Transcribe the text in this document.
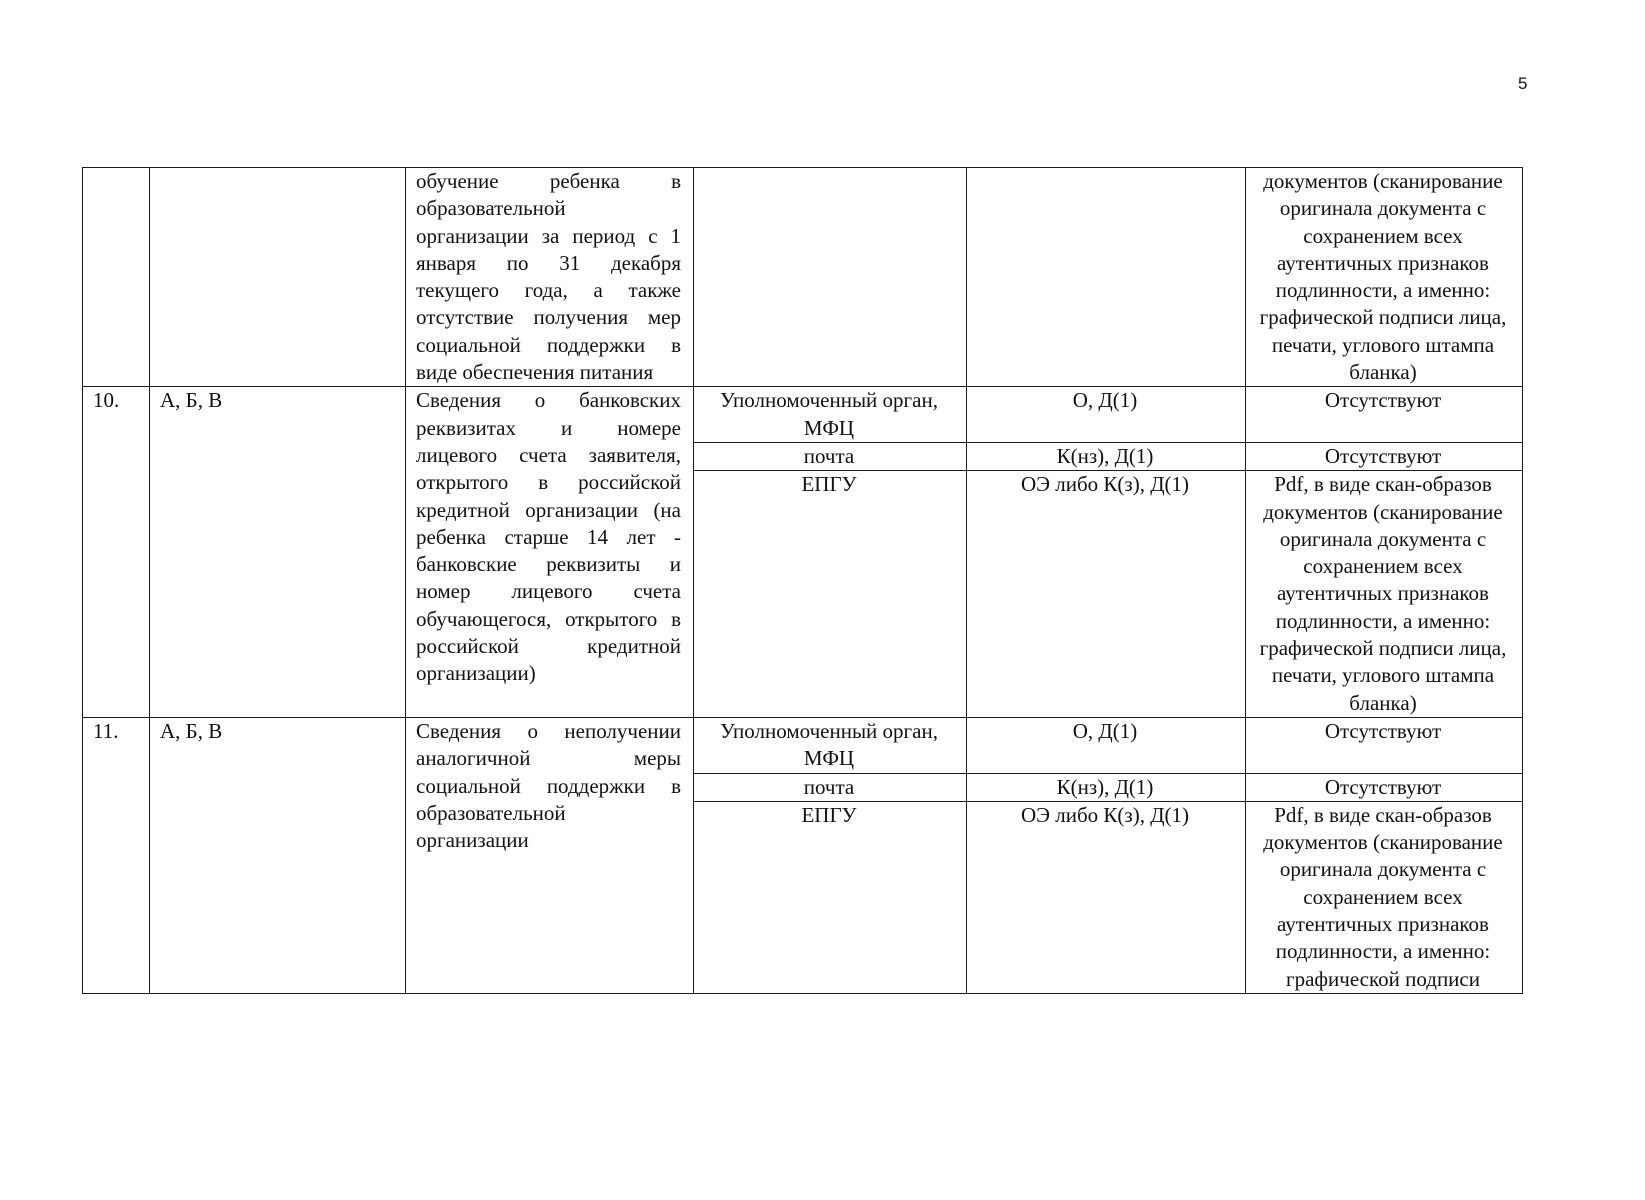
5
		обучение ребенка в образовательной организации за период с 1 января по 31 декабря текущего года, а также отсутствие получения мер социальной поддержки в виде обеспечения питания			документов (сканирование оригинала документа с сохранением всех аутентичных признаков подлинности, а именно: графической подписи лица, печати, углового штампа бланка)
10.	А, Б, В	Сведения о банковских реквизитах и номере лицевого счета заявителя, открытого в российской кредитной организации (на ребенка старше 14 лет - банковские реквизиты и номер лицевого счета обучающегося, открытого в российской кредитной организации)	Уполномоченный орган, МФЦ	О, Д(1)	Отсутствуют
			почта	К(нз), Д(1)	Отсутствуют
			ЕПГУ	ОЭ либо К(з), Д(1)	Pdf, в виде скан-образов документов (сканирование оригинала документа с сохранением всех аутентичных признаков подлинности, а именно: графической подписи лица, печати, углового штампа бланка)
11.	А, Б, В	Сведения о неполучении аналогичной меры социальной поддержки в образовательной организации	Уполномоченный орган, МФЦ	О, Д(1)	Отсутствуют
			почта	К(нз), Д(1)	Отсутствуют
			ЕПГУ	ОЭ либо К(з), Д(1)	Pdf, в виде скан-образов документов (сканирование оригинала документа с сохранением всех аутентичных признаков подлинности, а именно: графической подписи
